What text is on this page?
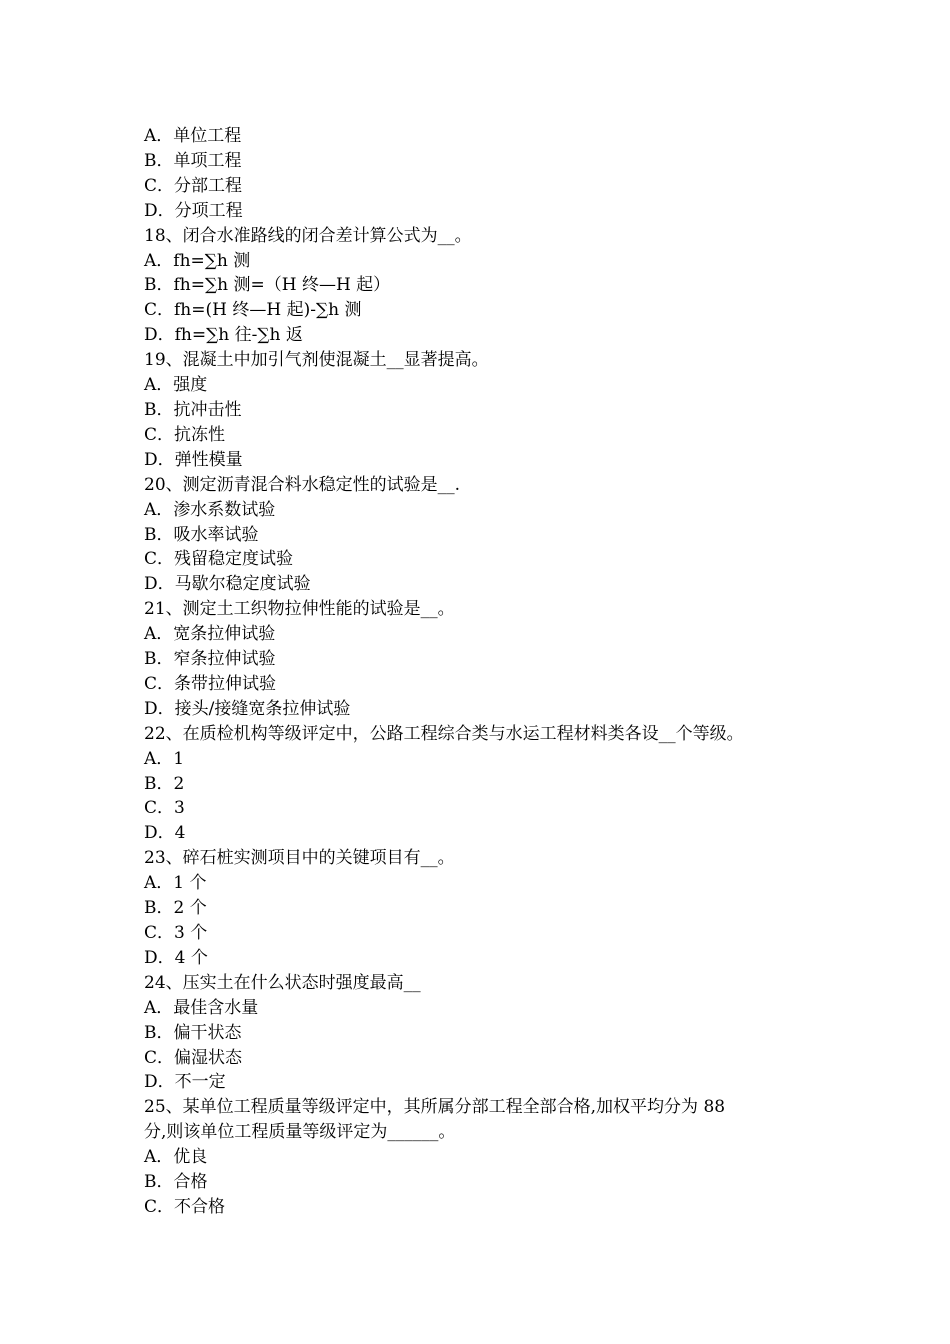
A．单位工程
B．单项工程
C．分部工程
D．分项工程
18、闭合水准路线的闭合差计算公式为__。
A．fh=∑h 测
B．fh=∑h 测=（H 终—H 起）
C．fh=(H 终—H 起)-∑h 测
D．fh=∑h 往-∑h 返
19、混凝土中加引气剂使混凝土__显著提高。
A．强度
B．抗冲击性
C．抗冻性
D．弹性模量
20、测定沥青混合料水稳定性的试验是__.
A．渗水系数试验
B．吸水率试验
C．残留稳定度试验
D．马歇尔稳定度试验
21、测定土工织物拉伸性能的试验是__。
A．宽条拉伸试验
B．窄条拉伸试验
C．条带拉伸试验
D．接头/接缝宽条拉伸试验
22、在质检机构等级评定中，公路工程综合类与水运工程材料类各设__个等级。
A．1
B．2
C．3
D．4
23、碎石桩实测项目中的关键项目有__。
A．1 个
B．2 个
C．3 个
D．4 个
24、压实土在什么状态时强度最高__
A．最佳含水量
B．偏干状态
C．偏湿状态
D．不一定
25、某单位工程质量等级评定中，其所属分部工程全部合格,加权平均分为 88
分,则该单位工程质量等级评定为______。
A．优良
B．合格
C．不合格
